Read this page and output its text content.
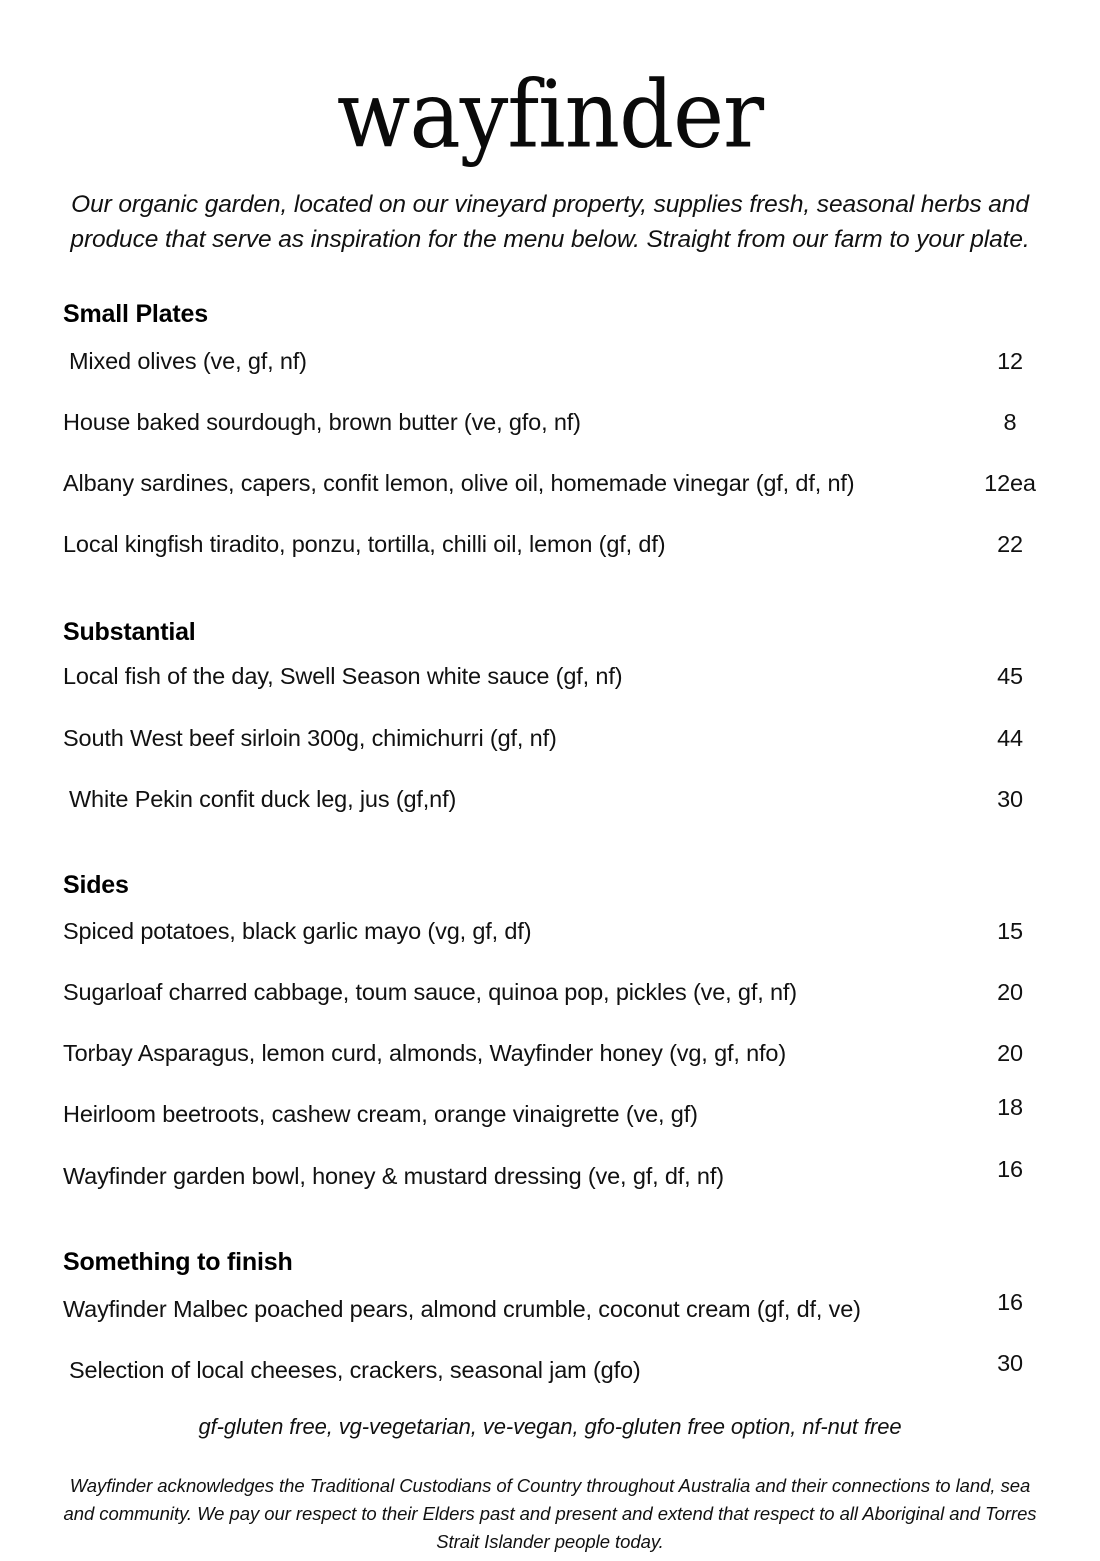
wayfinder

Our organic garden, located on our vineyard property, supplies fresh, seasonal herbs and produce that serve as inspiration for the menu below. Straight from our farm to your plate.

Small Plates
Mixed olives (ve, gf, nf)	12
House baked sourdough, brown butter (ve, gfo, nf)	8
Albany sardines, capers, confit lemon, olive oil, homemade vinegar (gf, df, nf)	12ea
Local kingfish tiradito, ponzu, tortilla, chilli oil, lemon (gf, df)	22
Substantial
Local fish of the day, Swell Season white sauce (gf, nf)	45
South West beef sirloin 300g, chimichurri (gf, nf)	44
White Pekin confit duck leg, jus (gf,nf)	30
Sides
Spiced potatoes, black garlic mayo (vg, gf, df)	15
Sugarloaf charred cabbage, toum sauce, quinoa pop, pickles (ve, gf, nf)	20
Torbay Asparagus, lemon curd, almonds, Wayfinder honey (vg, gf, nfo)	20
Heirloom beetroots, cashew cream, orange vinaigrette (ve, gf)	18
Wayfinder garden bowl, honey & mustard dressing (ve, gf, df, nf)	16
Something to finish
Wayfinder Malbec poached pears, almond crumble, coconut cream (gf, df, ve)	16
Selection of local cheeses, crackers, seasonal jam (gfo)	30

gf-gluten free, vg-vegetarian, ve-vegan, gfo-gluten free option, nf-nut free

Wayfinder acknowledges the Traditional Custodians of Country throughout Australia and their connections to land, sea and community. We pay our respect to their Elders past and present and extend that respect to all Aboriginal and Torres Strait Islander people today.
